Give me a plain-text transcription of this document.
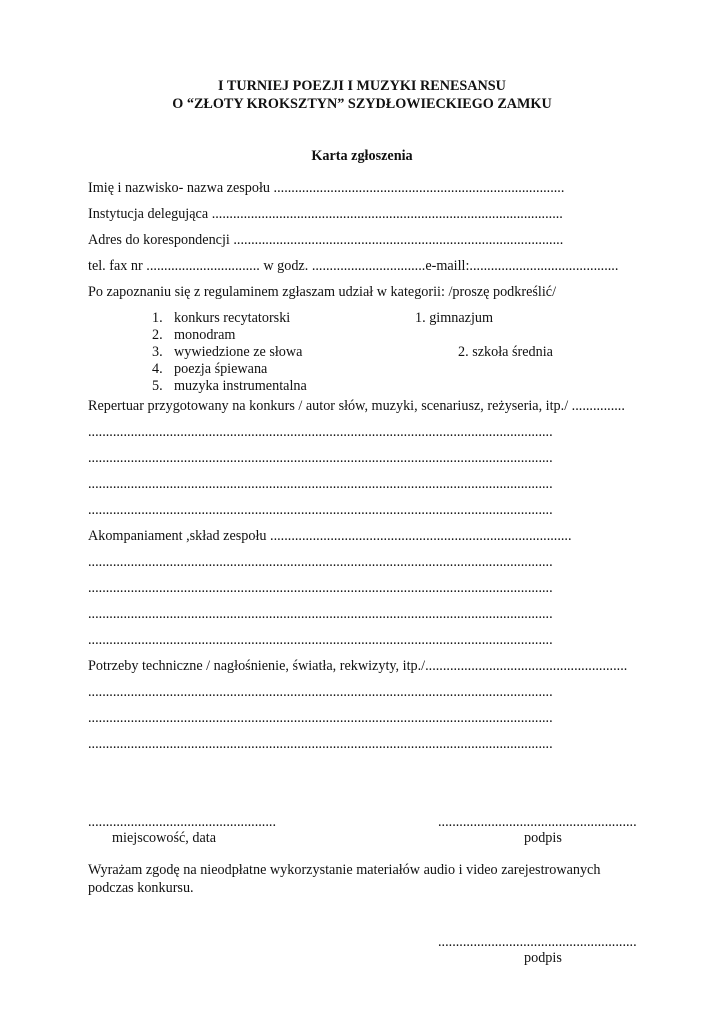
I TURNIEJ POEZJI I MUZYKI RENESANSU
O “ZŁOTY KROKSZTYN” SZYDŁOWIECKIEGO ZAMKU
Karta zgłoszenia
Imię i nazwisko- nazwa zespołu ..................................................................................
Instytucja delegująca ...................................................................................................
Adres do korespondencji .............................................................................................
tel. fax nr ................................ w godz. ................................e-maill:..........................................
Po zapoznaniu się z regulaminem zgłaszam udział w kategorii: /proszę podkreślić/
1. konkurs recytatorski
2. monodram
3. wywiedzione ze słowa
4. poezja śpiewana
5. muzyka instrumentalna
1. gimnazjum
2. szkoła średnia
Repertuar przygotowany na konkurs / autor słów, muzyki, scenariusz, reżyseria, itp./ ...............
...................................................................................................................................
...................................................................................................................................
...................................................................................................................................
...................................................................................................................................
Akompaniament ,skład zespołu .....................................................................................
...................................................................................................................................
...................................................................................................................................
...................................................................................................................................
...................................................................................................................................
Potrzeby techniczne / nagłośnienie, światła, rekwizyty, itp./.........................................................
...................................................................................................................................
...................................................................................................................................
...................................................................................................................................
.....................................................
miejscowość, data
........................................................
podpis
Wyrażam zgodę na nieodpłatne wykorzystanie materiałów audio i video zarejestrowanych
podczas konkursu.
........................................................
podpis
